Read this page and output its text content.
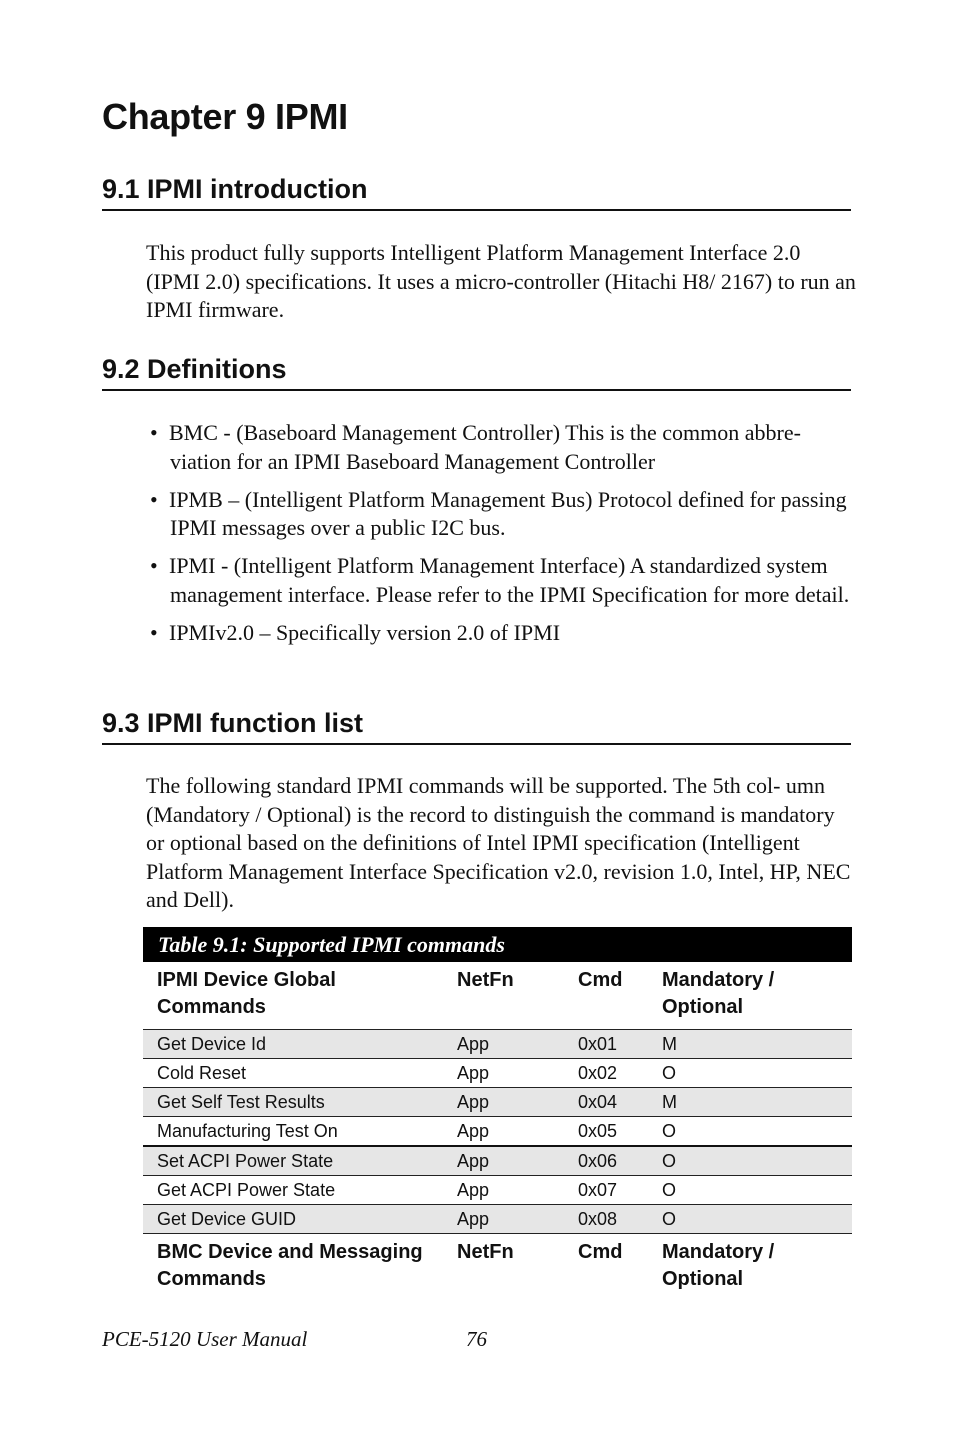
Chapter 9 IPMI
9.1 IPMI introduction

This product fully supports Intelligent Platform Management Interface 2.0 (IPMI 2.0) specifications. It uses a micro-controller (Hitachi H8/ 2167) to run an IPMI firmware.

9.2 Definitions
• BMC - (Baseboard Management Controller) This is the common abbre- viation for an IPMI Baseboard Management Controller
• IPMB – (Intelligent Platform Management Bus) Protocol defined for passing IPMI messages over a public I2C bus.
• IPMI - (Intelligent Platform Management Interface) A standardized system management interface. Please refer to the IPMI Specification for more detail.
• IPMIv2.0 – Specifically version 2.0 of IPMI
9.3 IPMI function list

The following standard IPMI commands will be supported. The 5th col- umn (Mandatory / Optional) is the record to distinguish the command is mandatory or optional based on the definitions of Intel IPMI specification (Intelligent Platform Management Interface Specification v2.0, revision 1.0, Intel, HP, NEC and Dell).

Table 9.1: Supported IPMI commands			
IPMI Device Global Commands	NetFn	Cmd	Mandatory / Optional
Get Device Id	App	0x01	M
Cold Reset	App	0x02	O
Get Self Test Results	App	0x04	M
Manufacturing Test On	App	0x05	O
Set ACPI Power State	App	0x06	O
Get ACPI Power State	App	0x07	O
Get Device GUID	App	0x08	O
BMC Device and Messaging Commands	NetFn	Cmd	Mandatory / Optional

PCE-5120 User Manual	76
